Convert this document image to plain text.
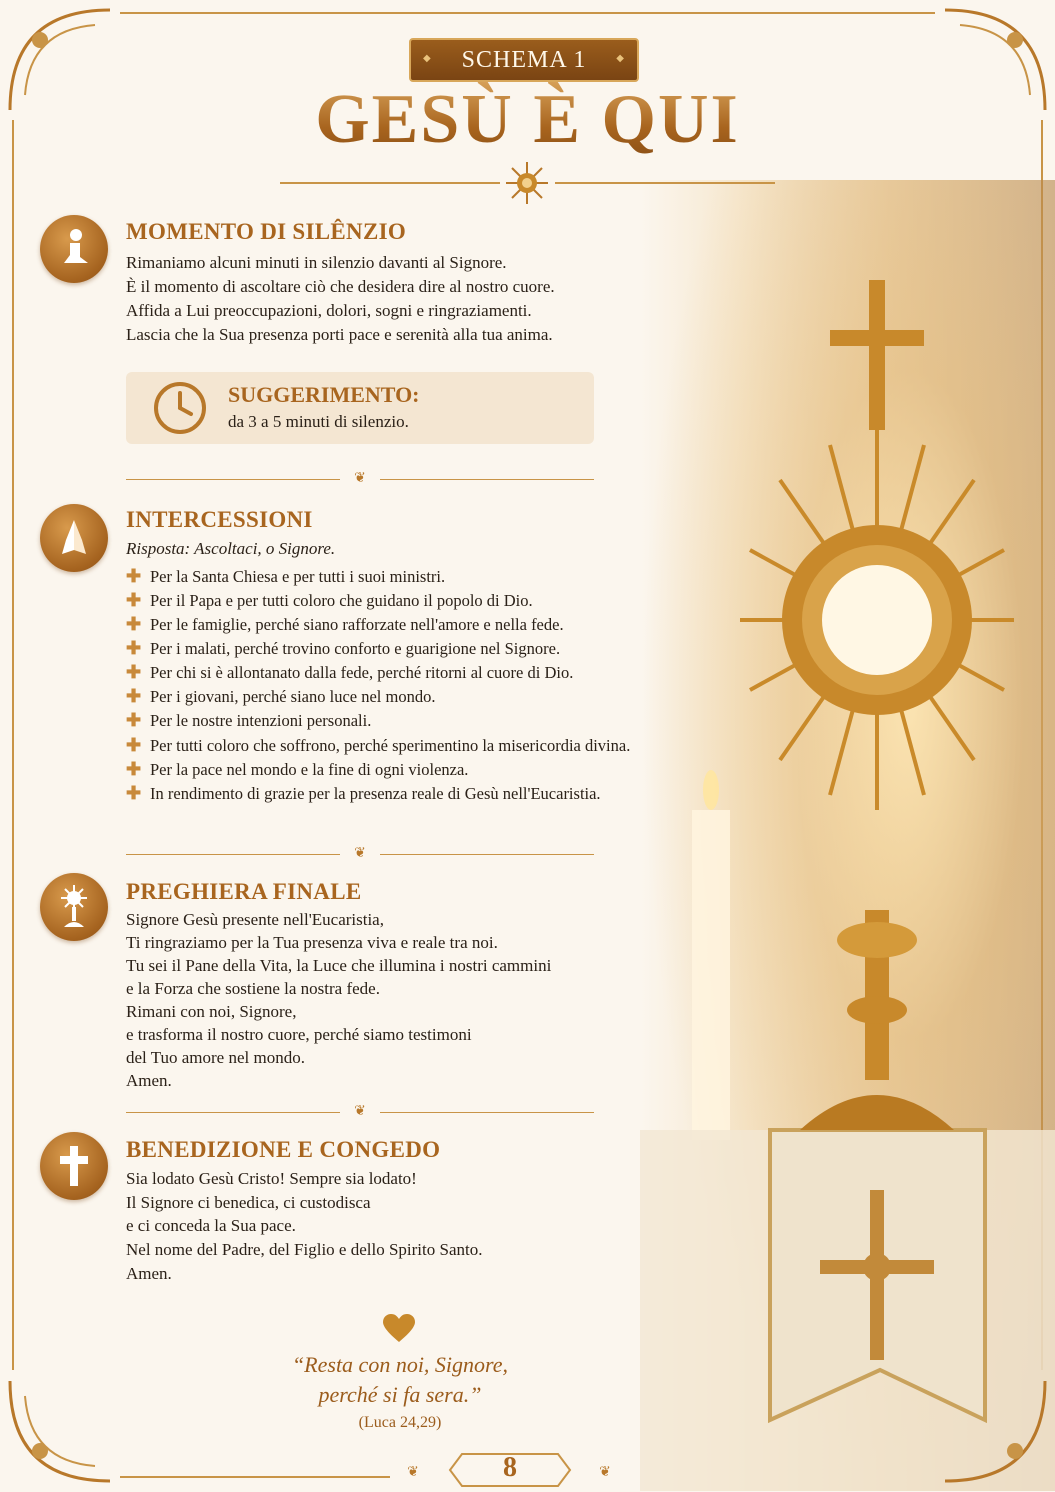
◆ SCHEMA 1 ◆
GESÙ È QUI
MOMENTO DI SILÊNZIO
Rimaniamo alcuni minuti in silenzio davanti al Signore.
È il momento di ascoltare ciò che desidera dire al nostro cuore.
Affida a Lui preoccupazioni, dolori, sogni e ringraziamenti.
Lascia che la Sua presenza porti pace e serenità alla tua anima.
SUGGERIMENTO:
da 3 a 5 minuti di silenzio.
❦
INTERCESSIONI
Risposta: Ascoltaci, o Signore.
✚ Per la Santa Chiesa e per tutti i suoi ministri.
✚ Per il Papa e per tutti coloro che guidano il popolo di Dio.
✚ Per le famiglie, perché siano rafforzate nell'amore e nella fede.
✚ Per i malati, perché trovino conforto e guarigione nel Signore.
✚ Per chi si è allontanato dalla fede, perché ritorni al cuore di Dio.
✚ Per i giovani, perché siano luce nel mondo.
✚ Per le nostre intenzioni personali.
✚ Per tutti coloro che soffrono, perché sperimentino la misericordia divina.
✚ Per la pace nel mondo e la fine di ogni violenza.
✚ In rendimento di grazie per la presenza reale di Gesù nell'Eucaristia.
❦
PREGHIERA FINALE
Signore Gesù presente nell'Eucaristia,
Ti ringraziamo per la Tua presenza viva e reale tra noi.
Tu sei il Pane della Vita, la Luce che illumina i nostri cammini
e la Forza che sostiene la nostra fede.
Rimani con noi, Signore,
e trasforma il nostro cuore, perché siamo testimoni
del Tuo amore nel mondo.
Amen.
❦
BENEDIZIONE E CONGEDO
Sia lodato Gesù Cristo! Sempre sia lodato!
Il Signore ci benedica, ci custodisca
e ci conceda la Sua pace.
Nel nome del Padre, del Figlio e dello Spirito Santo.
Amen.
“Resta con noi, Signore,
perché si fa sera.”
(Luca 24,29)
8
❦	❦
